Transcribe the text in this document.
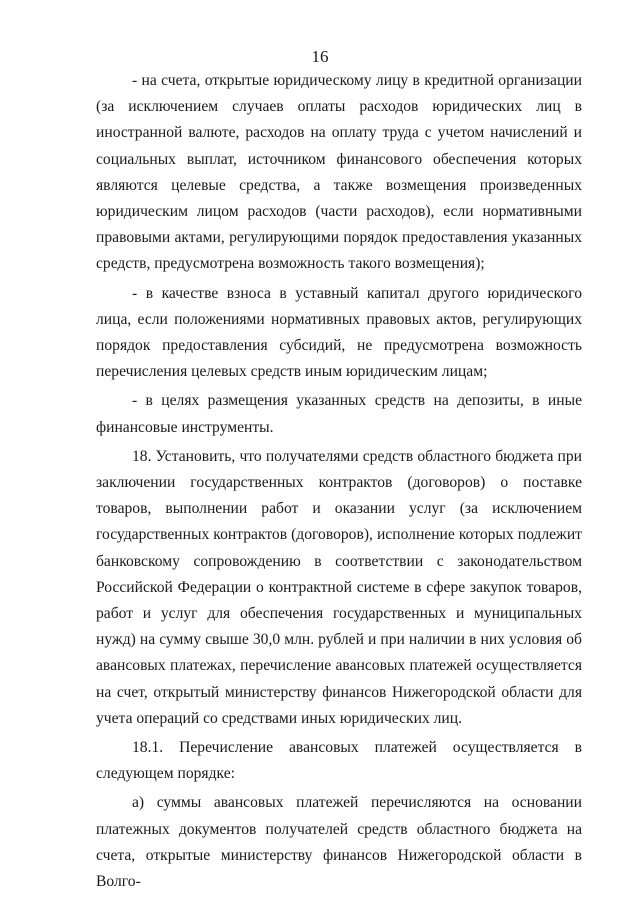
16

- на счета, открытые юридическому лицу в кредитной организации (за исключением случаев оплаты расходов юридических лиц в иностранной валюте, расходов на оплату труда с учетом начислений и социальных выплат, источником финансового обеспечения которых являются целевые средства, а также возмещения произведенных юридическим лицом расходов (части расходов), если нормативными правовыми актами, регулирующими порядок предоставления указанных средств, предусмотрена возможность такого возмещения);

- в качестве взноса в уставный капитал другого юридического лица, если положениями нормативных правовых актов, регулирующих порядок предоставления субсидий, не предусмотрена возможность перечисления целевых средств иным юридическим лицам;

- в целях размещения указанных средств на депозиты, в иные финансовые инструменты.

18. Установить, что получателями средств областного бюджета при заключении государственных контрактов (договоров) о поставке товаров, выполнении работ и оказании услуг (за исключением государственных контрактов (договоров), исполнение которых подлежит банковскому сопровождению в соответствии с законодательством Российской Федерации о контрактной системе в сфере закупок товаров, работ и услуг для обеспечения государственных и муниципальных нужд) на сумму свыше 30,0 млн. рублей и при наличии в них условия об авансовых платежах, перечисление авансовых платежей осуществляется на счет, открытый министерству финансов Нижегородской области для учета операций со средствами иных юридических лиц.

18.1. Перечисление авансовых платежей осуществляется в следующем порядке:

а) суммы авансовых платежей перечисляются на основании платежных документов получателей средств областного бюджета на счета, открытые министерству финансов Нижегородской области в Волго-
